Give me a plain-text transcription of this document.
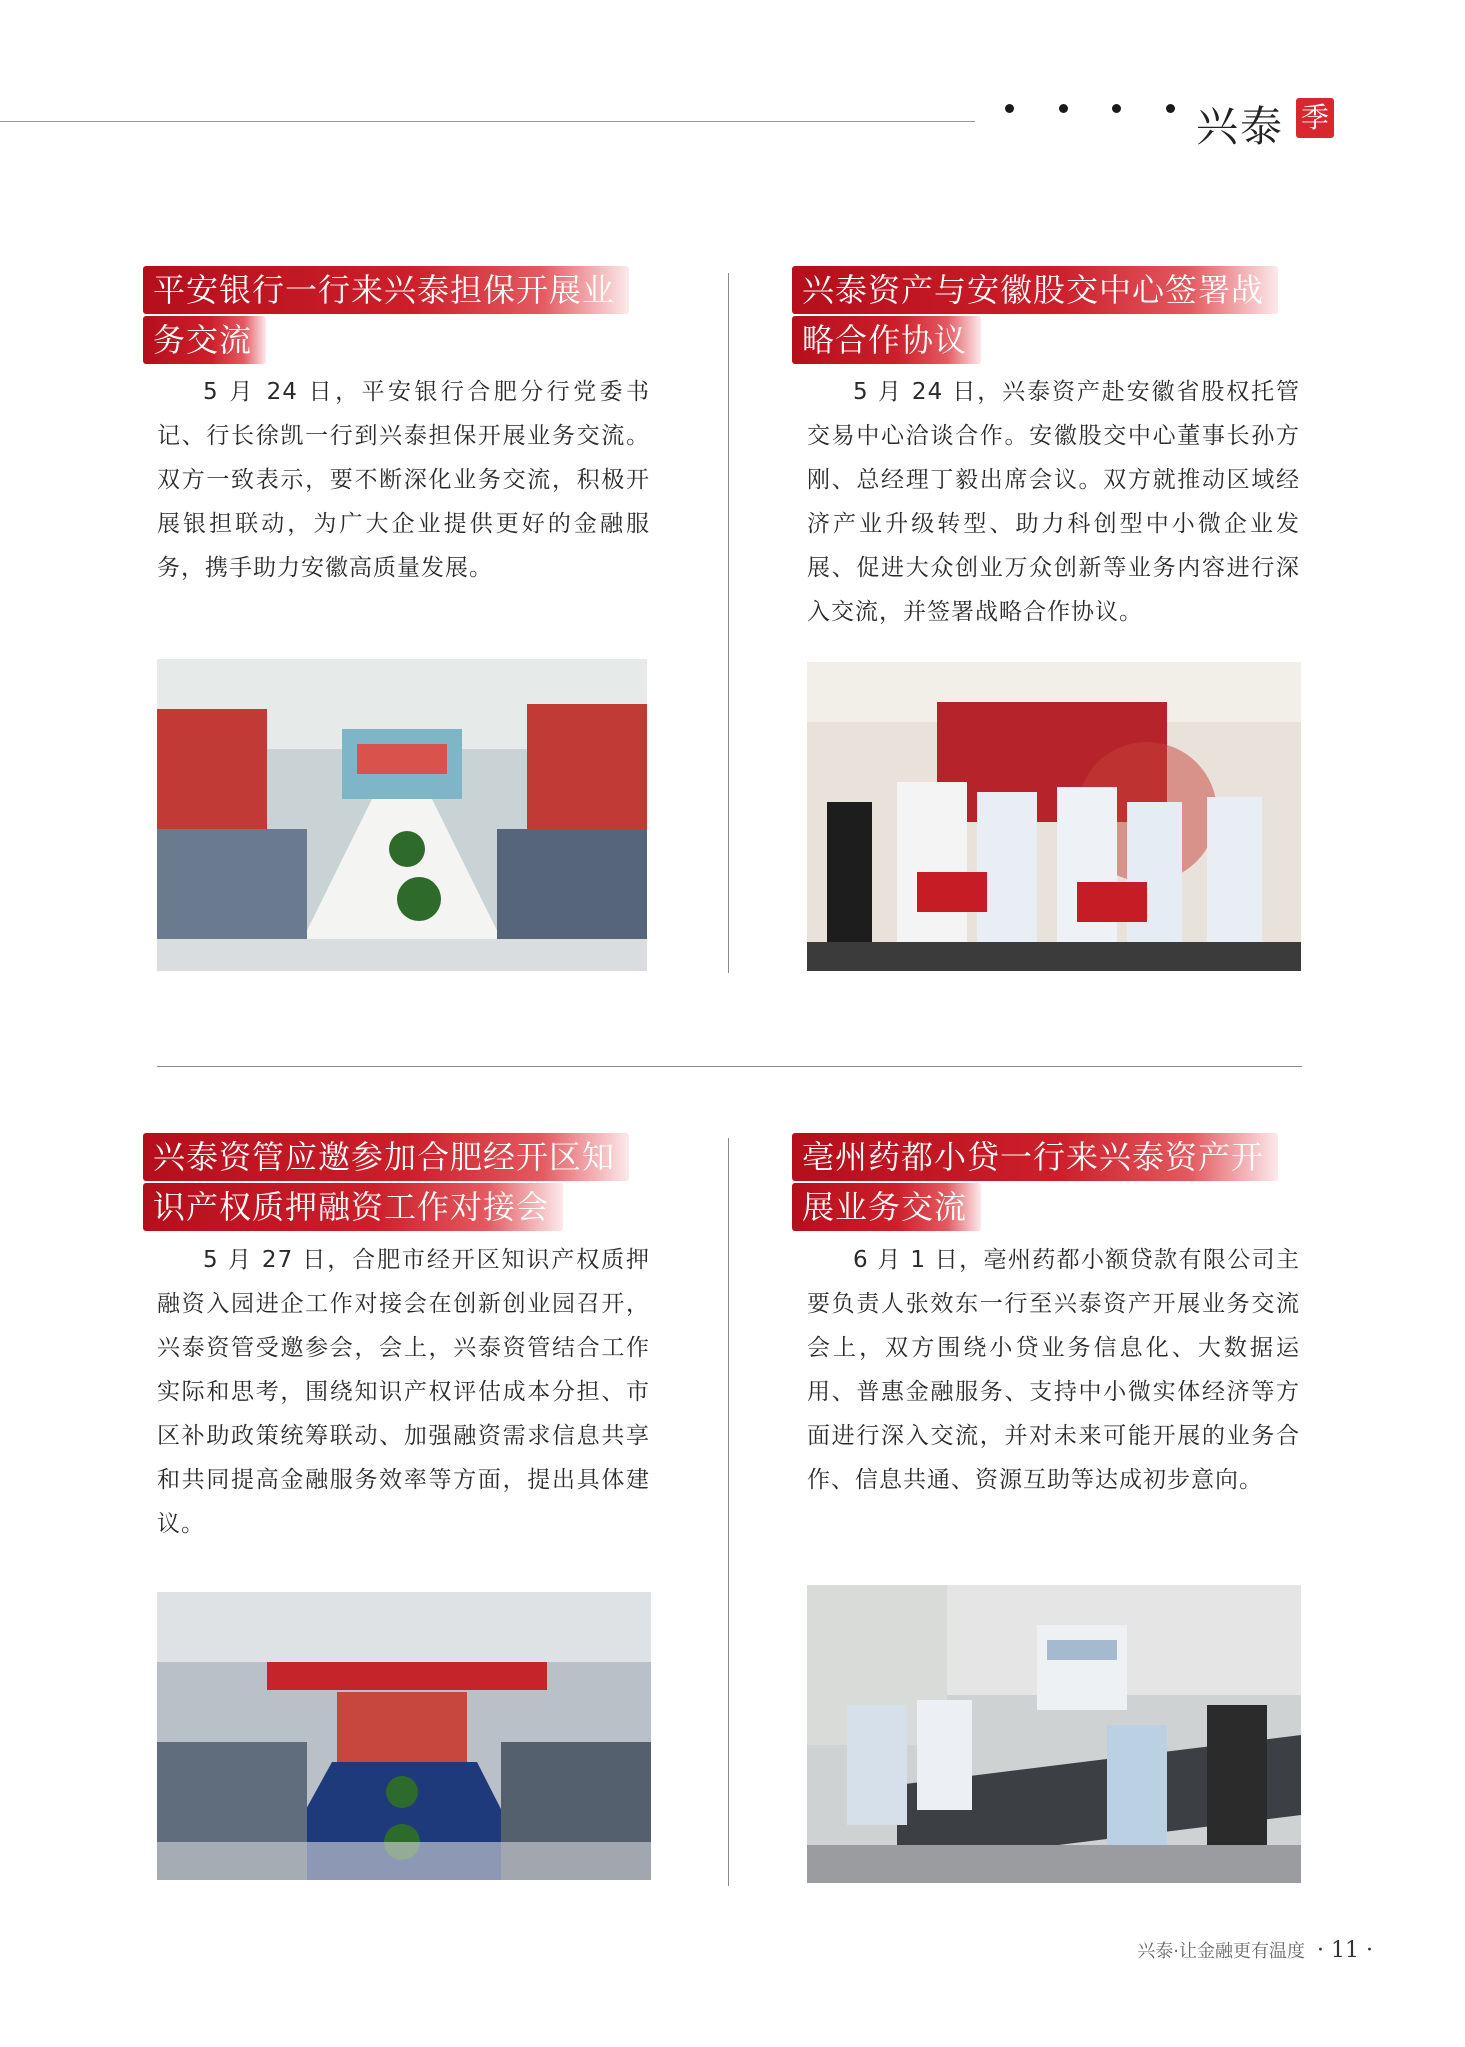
兴泰 季
平安银行一行来兴泰担保开展业
务交流

5 月 24 日，平安银行合肥分行党委书记、行长徐凯一行到兴泰担保开展业务交流。双方一致表示，要不断深化业务交流，积极开展银担联动，为广大企业提供更好的金融服务，携手助力安徽高质量发展。

兴泰资产与安徽股交中心签署战
略合作协议

5 月 24 日，兴泰资产赴安徽省股权托管交易中心洽谈合作。安徽股交中心董事长孙方刚、总经理丁毅出席会议。双方就推动区域经济产业升级转型、助力科创型中小微企业发展、促进大众创业万众创新等业务内容进行深入交流，并签署战略合作协议。

兴泰资管应邀参加合肥经开区知
识产权质押融资工作对接会

5 月 27 日，合肥市经开区知识产权质押融资入园进企工作对接会在创新创业园召开，兴泰资管受邀参会，会上，兴泰资管结合工作实际和思考，围绕知识产权评估成本分担、市区补助政策统筹联动、加强融资需求信息共享和共同提高金融服务效率等方面，提出具体建议。

亳州药都小贷一行来兴泰资产开
展业务交流

6 月 1 日，亳州药都小额贷款有限公司主要负责人张效东一行至兴泰资产开展业务交流会上，双方围绕小贷业务信息化、大数据运用、普惠金融服务、支持中小微实体经济等方面进行深入交流，并对未来可能开展的业务合作、信息共通、资源互助等达成初步意向。

兴泰·让金融更有温度 · 11 ·
